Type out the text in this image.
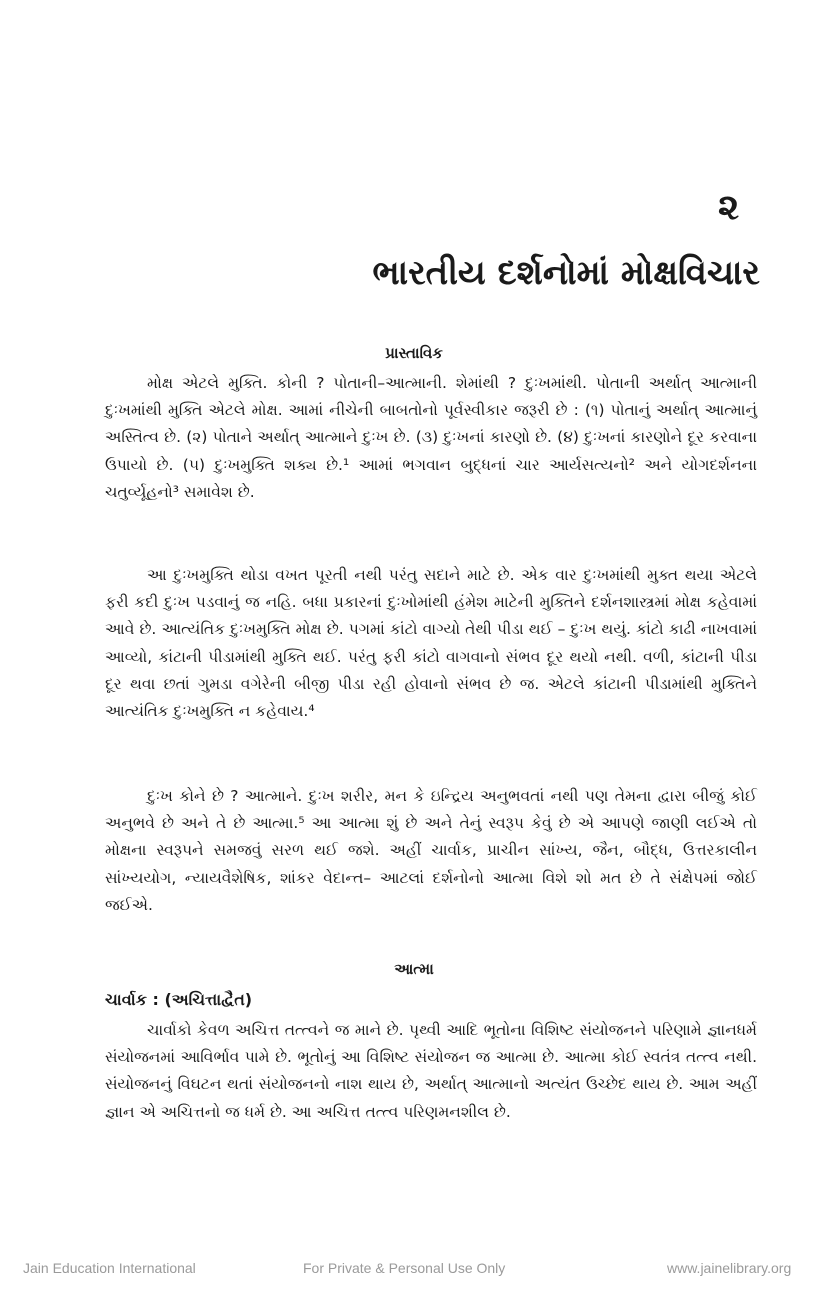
૨
ભારતીય દર્શનોમાં મોક્ષવિચાર
પ્રાસ્તાવિક

મોક્ષ એટલે મુક્તિ. કોની ? પોતાની–આત્માની. શેમાંથી ? દુઃખમાંથી. પોતાની અર્થાત્ આત્માની દુઃખમાંથી મુક્તિ એટલે મોક્ષ. આમાં નીચેની બાબતોનો પૂર્વસ્વીકાર જરૂરી છે : (૧) પોતાનું અર્થાત્ આત્માનું અસ્તિત્વ છે. (૨) પોતાને અર્થાત્ આત્માને દુઃખ છે. (૩) દુઃખનાં કારણો છે. (૪) દુઃખનાં કારણોને દૂર કરવાના ઉપાયો છે. (૫) દુઃખમુક્તિ શક્ય છે.¹ આમાં ભગવાન બુદ્ધનાં ચાર આર્યસત્યનો² અને યોગદર્શનના ચતુર્વ્યૂહનો³ સમાવેશ છે.

આ દુઃખમુક્તિ થોડા વખત પૂરતી નથી પરંતુ સદાને માટે છે. એક વાર દુઃખમાંથી મુક્ત થયા એટલે ફરી કદી દુઃખ પડવાનું જ નહિ. બધા પ્રકારનાં દુઃખોમાંથી હંમેશ માટેની મુક્તિને દર્શનશાસ્ત્રમાં મોક્ષ કહેવામાં આવે છે. આત્યંતિક દુઃખમુક્તિ મોક્ષ છે. પગમાં કાંટો વાગ્યો તેથી પીડા થઈ – દુઃખ થયું. કાંટો કાઢી નાખવામાં આવ્યો, કાંટાની પીડામાંથી મુક્તિ થઈ. પરંતુ ફરી કાંટો વાગવાનો સંભવ દૂર થયો નથી. વળી, કાંટાની પીડા દૂર થવા છતાં ગુમડા વગેરેની બીજી પીડા રહી હોવાનો સંભવ છે જ. એટલે કાંટાની પીડામાંથી મુક્તિને આત્યંતિક દુઃખમુક્તિ ન કહેવાય.⁴

દુઃખ કોને છે ? આત્માને. દુઃખ શરીર, મન કે ઇન્દ્રિય અનુભવતાં નથી પણ તેમના દ્વારા બીજું કોઈ અનુભવે છે અને તે છે આત્મા.⁵ આ આત્મા શું છે અને તેનું સ્વરૂપ કેવું છે એ આપણે જાણી લઈએ તો મોક્ષના સ્વરૂપને સમજવું સરળ થઈ જશે. અહીં ચાર્વાક, પ્રાચીન સાંખ્ય, જૈન, બૌદ્ધ, ઉત્તરકાલીન સાંખ્યયોગ, ન્યાયવૈશેષિક, શાંકર વેદાન્ત– આટલાં દર્શનોનો આત્મા વિશે શો મત છે તે સંક્ષેપમાં જોઈ જઈએ.

આત્મા
ચાર્વાક : (અચિત્તાદ્વૈત)

ચાર્વાકો કેવળ અચિત્ત તત્ત્વને જ માને છે. પૃથ્વી આદિ ભૂતોના વિશિષ્ટ સંયોજનને પરિણામે જ્ઞાનધર્મ સંયોજનમાં આવિર્ભાવ પામે છે. ભૂતોનું આ વિશિષ્ટ સંયોજન જ આત્મા છે. આત્મા કોઈ સ્વતંત્ર તત્ત્વ નથી. સંયોજનનું વિઘટન થતાં સંયોજનનો નાશ થાય છે, અર્થાત્ આત્માનો અત્યંત ઉચ્છેદ થાય છે. આમ અહીં જ્ઞાન એ અચિત્તનો જ ધર્મ છે. આ અચિત્ત તત્ત્વ પરિણમનશીલ છે.

Jain Education International	For Private & Personal Use Only	www.jainelibrary.org
